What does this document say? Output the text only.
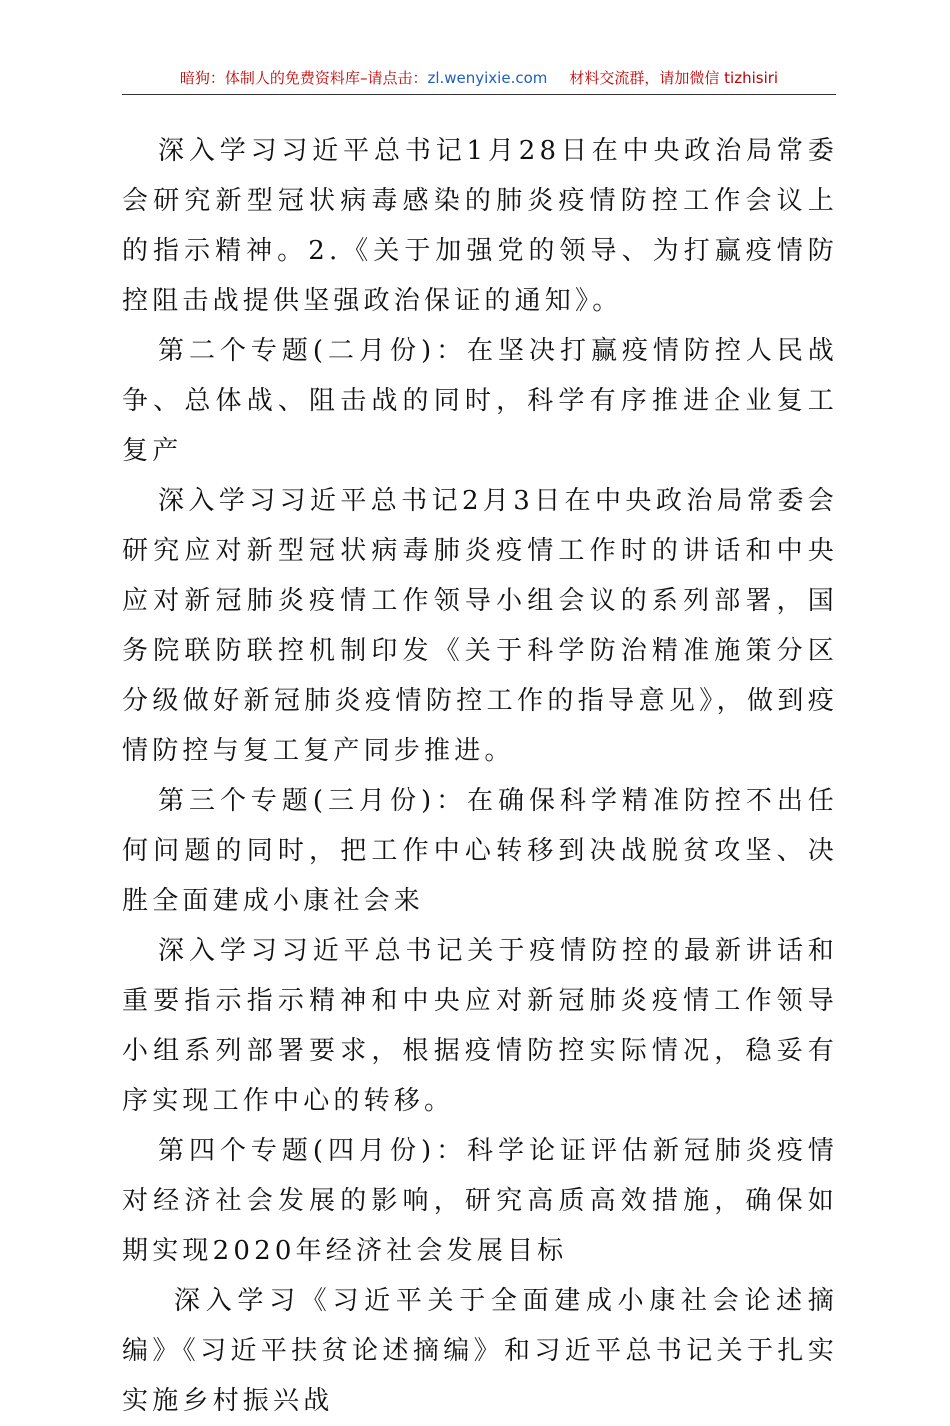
暗狗：体制人的免费资料库–请点击：zl.wenyixie.com 材料交流群，请加微信 tizhisiri

深入学习习近平总书记1月28日在中央政治局常委会研究新型冠状病毒感染的肺炎疫情防控工作会议上的指示精神。2.《关于加强党的领导、为打赢疫情防控阻击战提供坚强政治保证的通知》。

第二个专题(二月份)：在坚决打赢疫情防控人民战争、总体战、阻击战的同时，科学有序推进企业复工复产

深入学习习近平总书记2月3日在中央政治局常委会研究应对新型冠状病毒肺炎疫情工作时的讲话和中央应对新冠肺炎疫情工作领导小组会议的系列部署，国务院联防联控机制印发《关于科学防治精准施策分区分级做好新冠肺炎疫情防控工作的指导意见》，做到疫情防控与复工复产同步推进。

第三个专题(三月份)：在确保科学精准防控不出任何问题的同时，把工作中心转移到决战脱贫攻坚、决胜全面建成小康社会来

深入学习习近平总书记关于疫情防控的最新讲话和重要指示指示精神和中央应对新冠肺炎疫情工作领导小组系列部署要求，根据疫情防控实际情况，稳妥有序实现工作中心的转移。

第四个专题(四月份)：科学论证评估新冠肺炎疫情对经济社会发展的影响，研究高质高效措施，确保如期实现2020年经济社会发展目标

深入学习《习近平关于全面建成小康社会论述摘编》《习近平扶贫论述摘编》和习近平总书记关于扎实实施乡村振兴战
